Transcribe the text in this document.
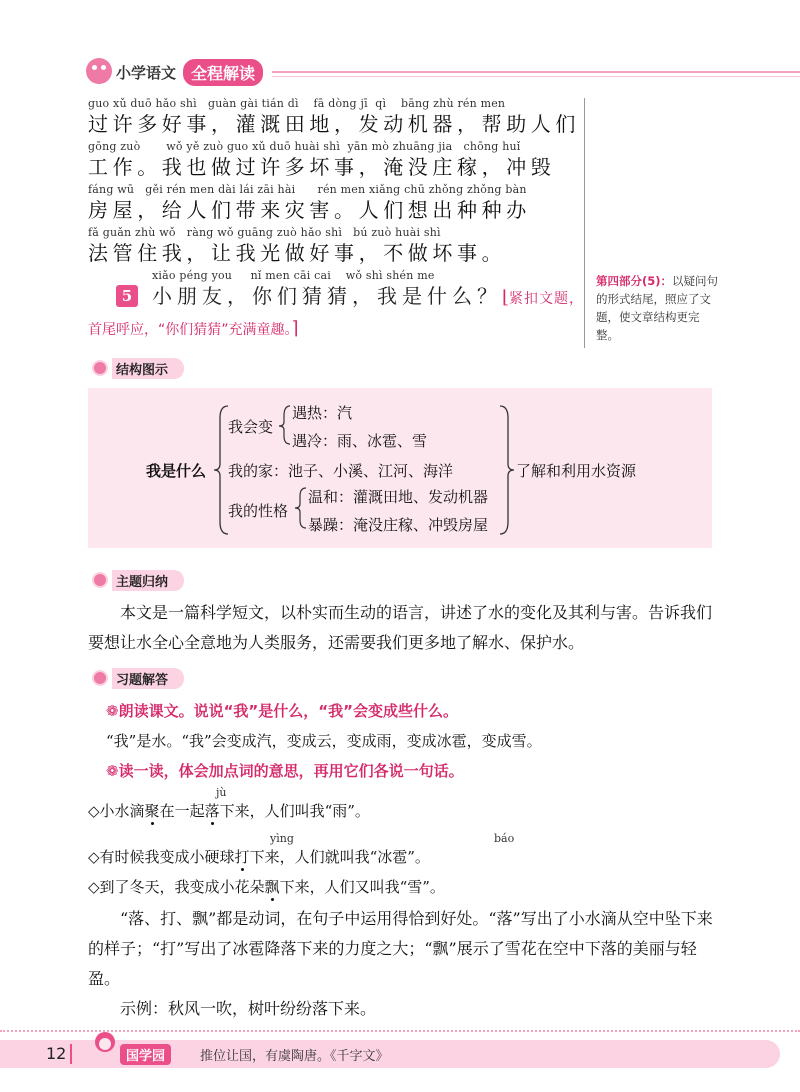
小学语文 全程解读
guo xǔ duō hǎo shì   guàn gài tián dì    fā dòng jī  qì    bāng zhù rén men
过许多好事，灌溉田地，发动机器，帮助人们
gōng zuò       wǒ yě zuò guo xǔ duō huài shì  yān mò zhuāng jia   chōng huǐ
工作。我也做过许多坏事，淹没庄稼，冲毁
fáng wū   gěi rén men dài lái zāi hài      rén men xiǎng chū zhǒng zhǒng bàn
房屋，给人们带来灾害。人们想出种种办
fǎ guǎn zhù wǒ   ràng wǒ guāng zuò hǎo shì   bú zuò huài shì
法管住我，让我光做好事，不做坏事。
第四部分(5)：以疑问句的形式结尾，照应了文题，使文章结构更完整。
xiǎo péng you     nǐ men cāi cai    wǒ shì shén me
5 小朋友，你们猜猜，我是什么？⌊紧扣文题，
首尾呼应，“你们猜猜”充满童趣。⌉
结构图示
我是什么
我会变
遇热：汽
遇冷：雨、冰雹、雪
我的家：池子、小溪、江河、海洋
我的性格
温和：灌溉田地、发动机器
暴躁：淹没庄稼、冲毁房屋
了解和利用水资源
主题归纳

本文是一篇科学短文，以朴实而生动的语言，讲述了水的变化及其利与害。告诉我们要想让水全心全意地为人类服务，还需要我们更多地了解水、保护水。

习题解答
❁朗读课文。说说“我”是什么，“我”会变成些什么。
“我”是水。“我”会变成汽，变成云，变成雨，变成冰雹，变成雪。
❁读一读，体会加点词的意思，再用它们各说一句话。
jù
◇小水滴聚在一起落下来，人们叫我“雨”。
yìng	báo
◇有时候我变成小硬球打下来，人们就叫我“冰雹”。
◇到了冬天，我变成小花朵飘下来，人们又叫我“雪”。

“落、打、飘”都是动词，在句子中运用得恰到好处。“落”写出了小水滴从空中坠下来的样子；“打”写出了冰雹降落下来的力度之大；“飘”展示了雪花在空中下落的美丽与轻盈。

示例：秋风一吹，树叶纷纷落下来。

12	国学园	推位让国，有虞陶唐。《千字文》
